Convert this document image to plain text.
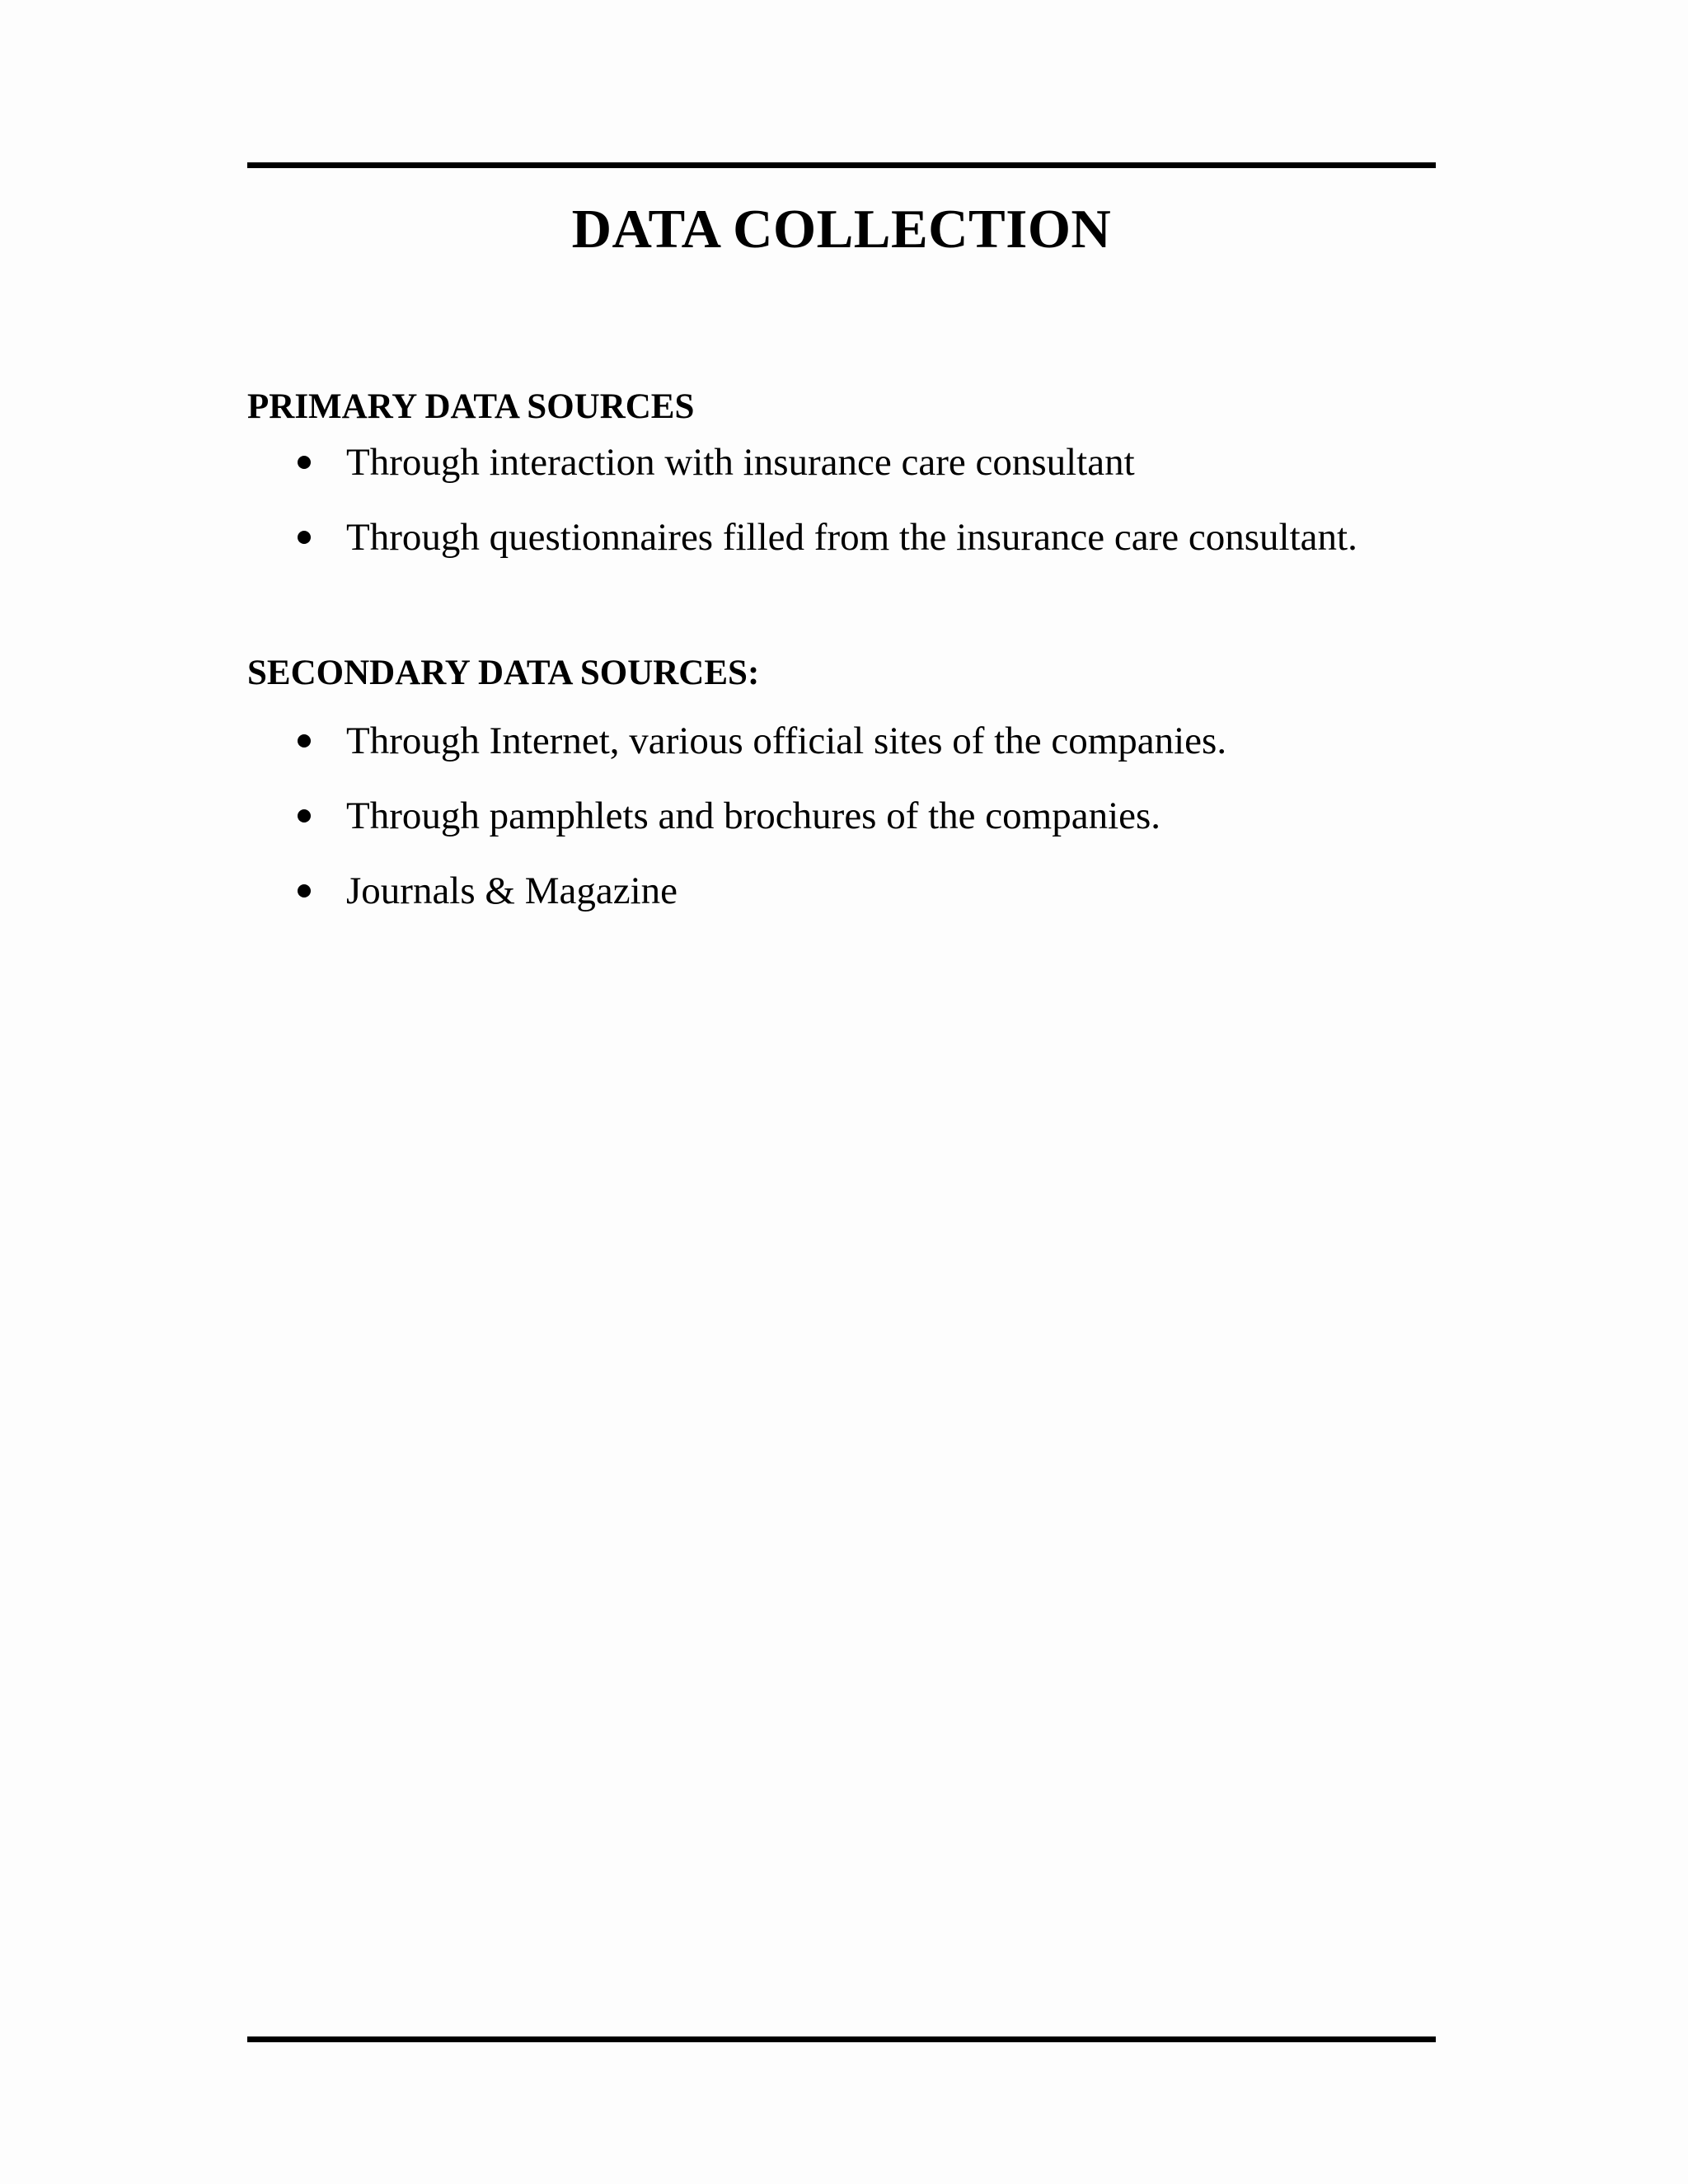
DATA COLLECTION
PRIMARY DATA SOURCES
Through interaction with insurance care consultant
Through questionnaires filled from the insurance care consultant.
SECONDARY DATA SOURCES:
Through Internet, various official sites of the companies.
Through pamphlets and brochures of the companies.
Journals & Magazine
